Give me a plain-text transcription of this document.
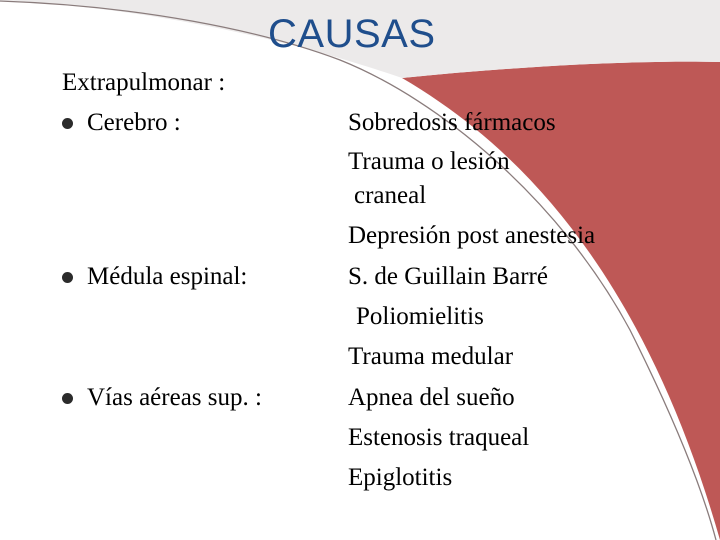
CAUSAS
Extrapulmonar :
Cerebro :
Médula espinal:
Vías aéreas sup. :
Sobredosis fármacos
Trauma o lesión
craneal
Depresión post anestesia
S. de Guillain Barré
Poliomielitis
Trauma medular
Apnea del sueño
Estenosis traqueal
Epiglotitis
